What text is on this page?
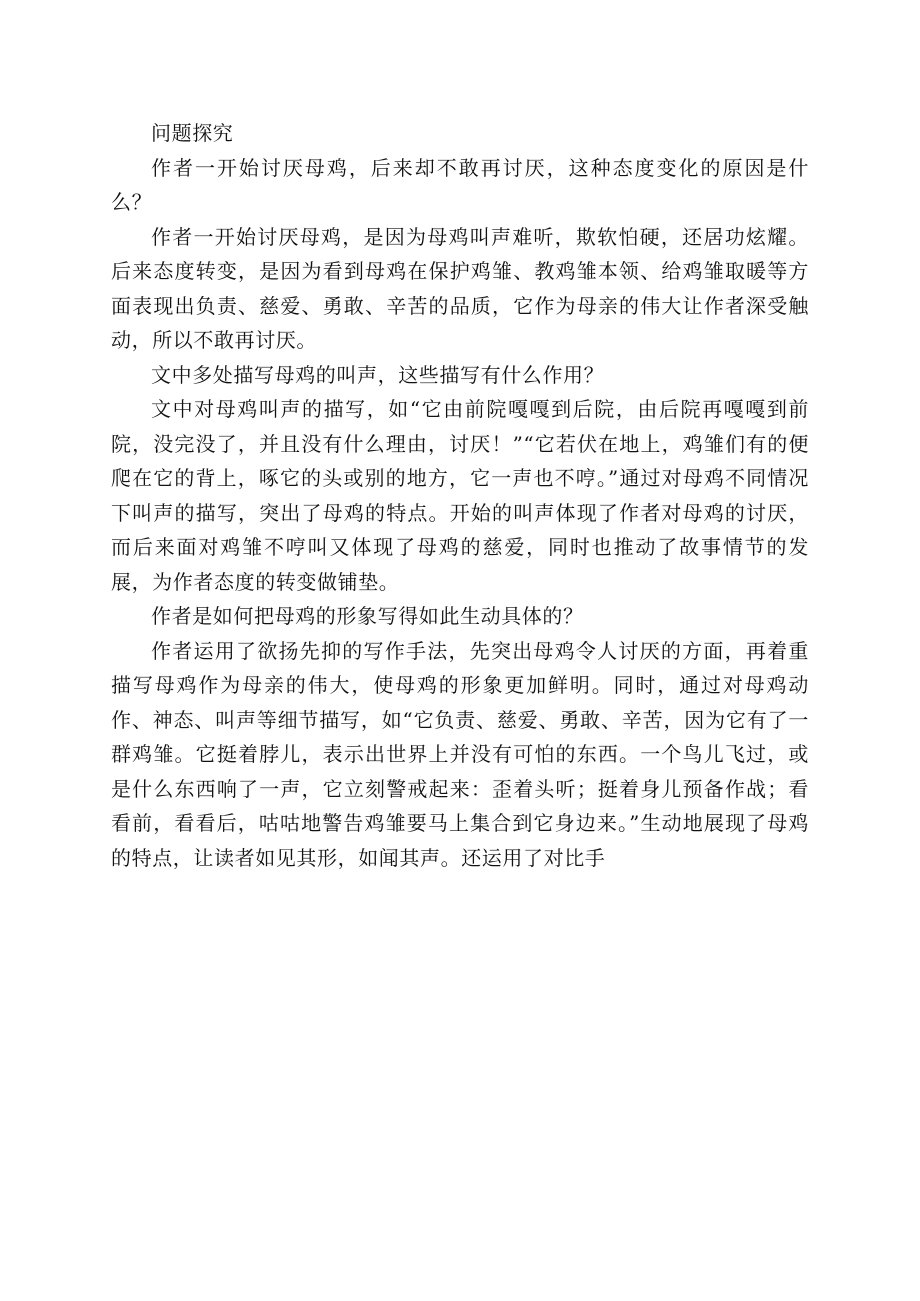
问题探究

作者一开始讨厌母鸡，后来却不敢再讨厌，这种态度变化的原因是什么？

作者一开始讨厌母鸡，是因为母鸡叫声难听，欺软怕硬，还居功炫耀。后来态度转变，是因为看到母鸡在保护鸡雏、教鸡雏本领、给鸡雏取暖等方面表现出负责、慈爱、勇敢、辛苦的品质，它作为母亲的伟大让作者深受触动，所以不敢再讨厌。

文中多处描写母鸡的叫声，这些描写有什么作用？

文中对母鸡叫声的描写，如“它由前院嘎嘎到后院，由后院再嘎嘎到前院，没完没了，并且没有什么理由，讨厌！”“它若伏在地上，鸡雏们有的便爬在它的背上，啄它的头或别的地方，它一声也不哼。”通过对母鸡不同情况下叫声的描写，突出了母鸡的特点。开始的叫声体现了作者对母鸡的讨厌，而后来面对鸡雏不哼叫又体现了母鸡的慈爱，同时也推动了故事情节的发展，为作者态度的转变做铺垫。

作者是如何把母鸡的形象写得如此生动具体的？

作者运用了欲扬先抑的写作手法，先突出母鸡令人讨厌的方面，再着重描写母鸡作为母亲的伟大，使母鸡的形象更加鲜明。同时，通过对母鸡动作、神态、叫声等细节描写，如“它负责、慈爱、勇敢、辛苦，因为它有了一群鸡雏。它挺着脖儿，表示出世界上并没有可怕的东西。一个鸟儿飞过，或是什么东西响了一声，它立刻警戒起来：歪着头听；挺着身儿预备作战；看看前，看看后，咕咕地警告鸡雏要马上集合到它身边来。”生动地展现了母鸡的特点，让读者如见其形，如闻其声。还运用了对比手
